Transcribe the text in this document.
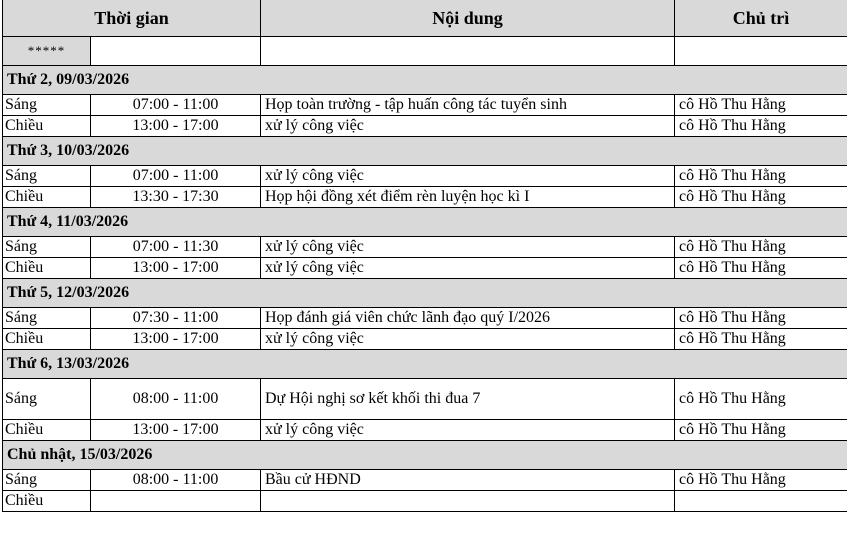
Thời gian		Nội dung	Chủ trì
*****			
Thứ 2, 09/03/2026			
Sáng	07:00 - 11:00	Họp toàn trường - tập huấn công tác tuyển sinh	cô Hồ Thu Hằng
Chiều	13:00 - 17:00	xử lý công việc	cô Hồ Thu Hằng
Thứ 3, 10/03/2026			
Sáng	07:00 - 11:00	xử lý công việc	cô Hồ Thu Hằng
Chiều	13:30 - 17:30	Họp hội đồng xét điểm rèn luyện học kì I	cô Hồ Thu Hằng
Thứ 4, 11/03/2026			
Sáng	07:00 - 11:30	xử lý công việc	cô Hồ Thu Hằng
Chiều	13:00 - 17:00	xử lý công việc	cô Hồ Thu Hằng
Thứ 5, 12/03/2026			
Sáng	07:30 - 11:00	Họp đánh giá viên chức lãnh đạo quý I/2026	cô Hồ Thu Hằng
Chiều	13:00 - 17:00	xử lý công việc	cô Hồ Thu Hằng
Thứ 6, 13/03/2026			
Sáng	08:00 - 11:00	Dự Hội nghị sơ kết khối thi đua 7	cô Hồ Thu Hằng
Chiều	13:00 - 17:00	xử lý công việc	cô Hồ Thu Hằng
Chủ nhật, 15/03/2026			
Sáng	08:00 - 11:00	Bầu cử HĐND	cô Hồ Thu Hằng
Chiều			
